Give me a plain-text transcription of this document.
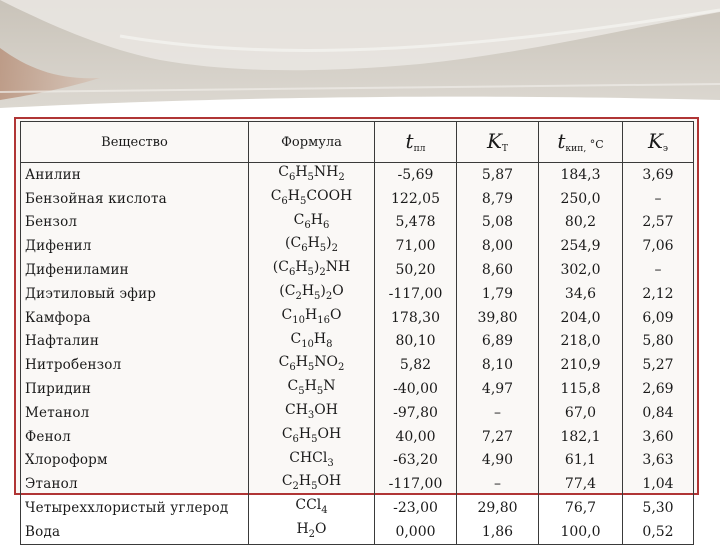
Вещество	Формула	$t_{пл}$	$K_T$	$t_{кип,}$ °C	$K_э$
Анилин	$C_6H_5NH_2$	-5,69	5,87	184,3	3,69
Бензойная кислота	$C_6H_5COOH$	122,05	8,79	250,0	–
Бензол	$C_6H_6$	5,478	5,08	80,2	2,57
Дифенил	$(C_6H_5)_2$	71,00	8,00	254,9	7,06
Дифениламин	$(C_6H_5)_2NH$	50,20	8,60	302,0	–
Диэтиловый эфир	$(C_2H_5)_2O$	-117,00	1,79	34,6	2,12
Камфора	$C_{10}H_{16}O$	178,30	39,80	204,0	6,09
Нафталин	$C_{10}H_8$	80,10	6,89	218,0	5,80
Нитробензол	$C_6H_5NO_2$	5,82	8,10	210,9	5,27
Пиридин	$C_5H_5N$	-40,00	4,97	115,8	2,69
Метанол	$CH_3OH$	-97,80	–	67,0	0,84
Фенол	$C_6H_5OH$	40,00	7,27	182,1	3,60
Хлороформ	CHCl$_3$	-63,20	4,90	61,1	3,63
Этанол	$C_2H_5OH$	-117,00	–	77,4	1,04
Четыреххлористый углерод	CCl$_4$	-23,00	29,80	76,7	5,30
Вода	$H_2O$	0,000	1,86	100,0	0,52
